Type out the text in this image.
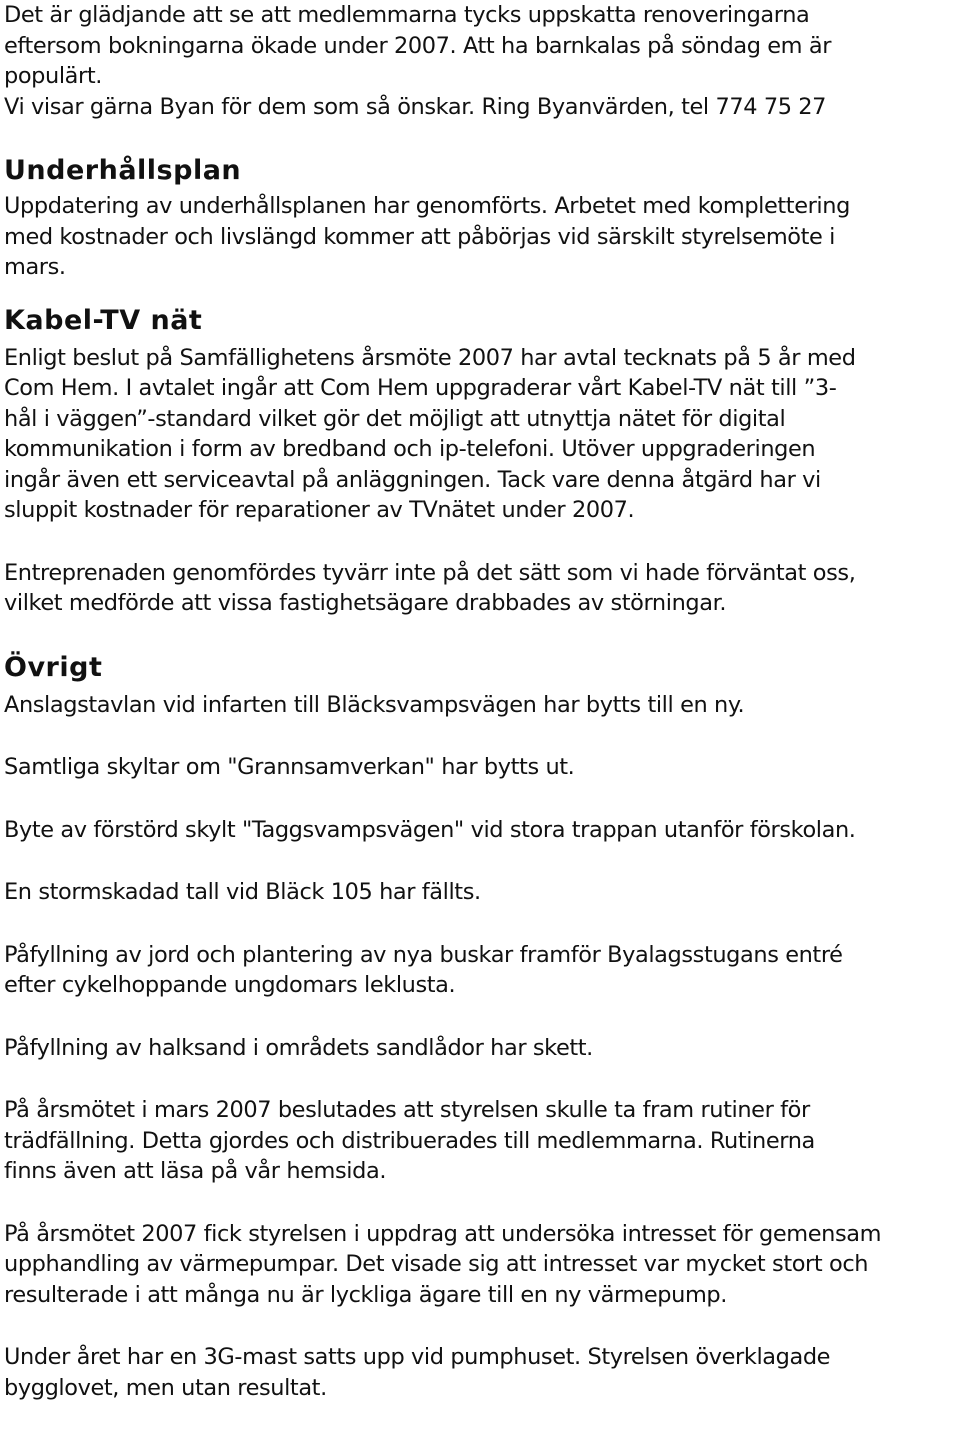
Det är glädjande att se att medlemmarna tycks uppskatta renoveringarna
eftersom bokningarna ökade under 2007. Att ha barnkalas på söndag em är
populärt.
Vi visar gärna Byan för dem som så önskar. Ring Byanvärden, tel 774 75 27

Underhållsplan

Uppdatering av underhållsplanen har genomförts. Arbetet med komplettering
med kostnader och livslängd kommer att påbörjas vid särskilt styrelsemöte i
mars.

Kabel-TV nät

Enligt beslut på Samfällighetens årsmöte 2007 har avtal tecknats på 5 år med
Com Hem. I avtalet ingår att Com Hem uppgraderar vårt Kabel-TV nät till ”3-
hål i väggen”-standard vilket gör det möjligt att utnyttja nätet för digital
kommunikation i form av bredband och ip-telefoni. Utöver uppgraderingen
ingår även ett serviceavtal på anläggningen. Tack vare denna åtgärd har vi
sluppit kostnader för reparationer av TVnätet under 2007.

Entreprenaden genomfördes tyvärr inte på det sätt som vi hade förväntat oss,
vilket medförde att vissa fastighetsägare drabbades av störningar.

Övrigt

Anslagstavlan vid infarten till Bläcksvampsvägen har bytts till en ny.

Samtliga skyltar om "Grannsamverkan" har bytts ut.

Byte av förstörd skylt "Taggsvampsvägen" vid stora trappan utanför förskolan.

En stormskadad tall vid Bläck 105 har fällts.

Påfyllning av jord och plantering av nya buskar framför Byalagsstugans entré
efter cykelhoppande ungdomars leklusta.

Påfyllning av halksand i områdets sandlådor har skett.

På årsmötet i mars 2007 beslutades att styrelsen skulle ta fram rutiner för
trädfällning. Detta gjordes och distribuerades till medlemmarna. Rutinerna
finns även att läsa på vår hemsida.

På årsmötet 2007 fick styrelsen i uppdrag att undersöka intresset för gemensam
upphandling av värmepumpar. Det visade sig att intresset var mycket stort och
resulterade i att många nu är lyckliga ägare till en ny värmepump.

Under året har en 3G-mast satts upp vid pumphuset. Styrelsen överklagade
bygglovet, men utan resultat.
